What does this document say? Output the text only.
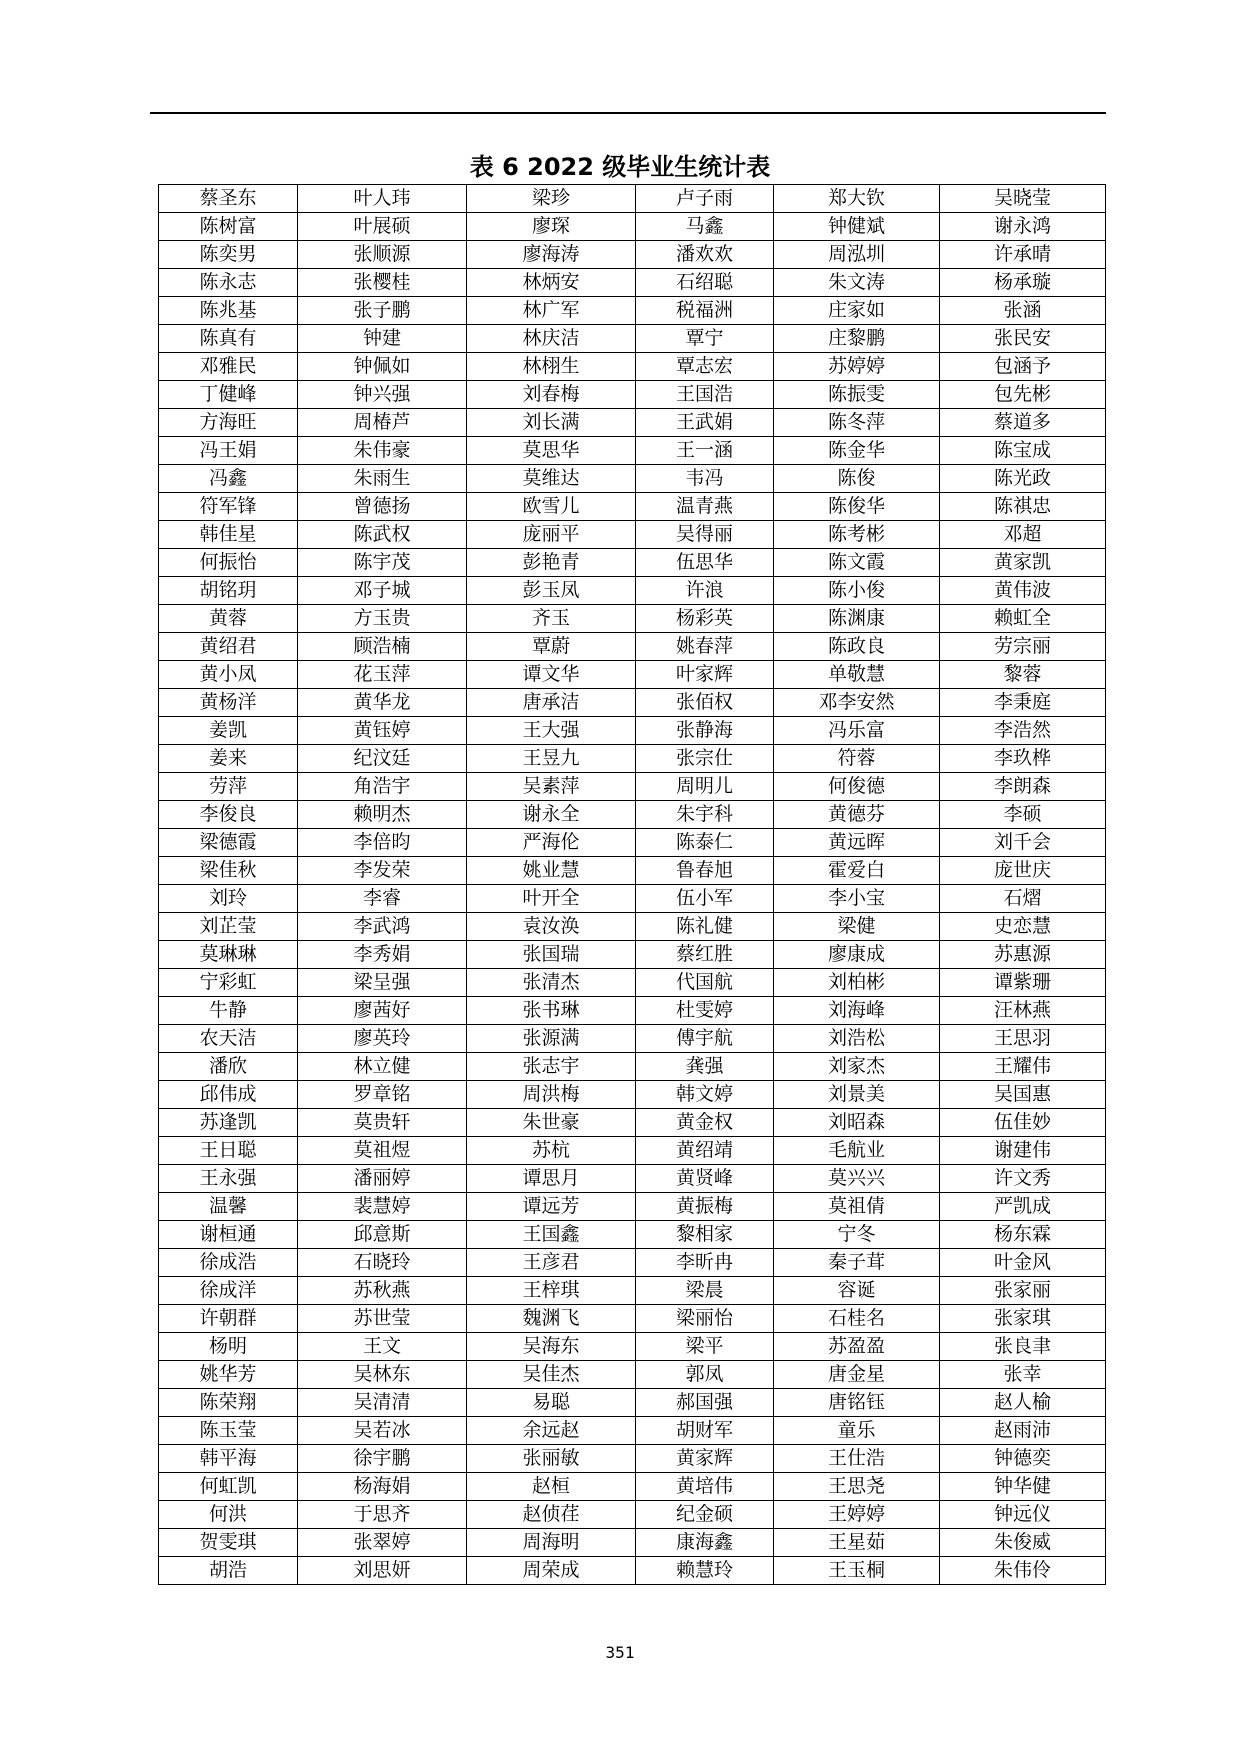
表 6 2022 级毕业生统计表
蔡圣东	叶人玮	梁珍	卢子雨	郑大钦	吴晓莹
陈树富	叶展硕	廖琛	马鑫	钟健斌	谢永鸿
陈奕男	张顺源	廖海涛	潘欢欢	周泓圳	许承晴
陈永志	张樱桂	林炳安	石绍聪	朱文涛	杨承璇
陈兆基	张子鹏	林广军	税福洲	庄家如	张涵
陈真有	钟建	林庆洁	覃宁	庄黎鹏	张民安
邓雅民	钟佩如	林栩生	覃志宏	苏婷婷	包涵予
丁健峰	钟兴强	刘春梅	王国浩	陈振雯	包先彬
方海旺	周椿芦	刘长满	王武娟	陈冬萍	蔡道多
冯王娟	朱伟豪	莫思华	王一涵	陈金华	陈宝成
冯鑫	朱雨生	莫维达	韦冯	陈俊	陈光政
符军锋	曾德扬	欧雪儿	温青燕	陈俊华	陈祺忠
韩佳星	陈武权	庞丽平	吴得丽	陈考彬	邓超
何振怡	陈宇茂	彭艳青	伍思华	陈文霞	黄家凯
胡铭玥	邓子城	彭玉凤	许浪	陈小俊	黄伟波
黄蓉	方玉贵	齐玉	杨彩英	陈渊康	赖虹全
黄绍君	顾浩楠	覃蔚	姚春萍	陈政良	劳宗丽
黄小凤	花玉萍	谭文华	叶家辉	单敬慧	黎蓉
黄杨洋	黄华龙	唐承洁	张佰权	邓李安然	李秉庭
姜凯	黄钰婷	王大强	张静海	冯乐富	李浩然
姜来	纪汶廷	王昱九	张宗仕	符蓉	李玖桦
劳萍	角浩宇	吴素萍	周明儿	何俊德	李朗森
李俊良	赖明杰	谢永全	朱宇科	黄德芬	李硕
梁德霞	李倍昀	严海伦	陈泰仁	黄远晖	刘千会
梁佳秋	李发荣	姚业慧	鲁春旭	霍爱白	庞世庆
刘玲	李睿	叶开全	伍小军	李小宝	石熠
刘芷莹	李武鸿	袁汝涣	陈礼健	梁健	史恋慧
莫琳琳	李秀娟	张国瑞	蔡红胜	廖康成	苏惠源
宁彩虹	梁呈强	张清杰	代国航	刘柏彬	谭紫珊
牛静	廖茜好	张书琳	杜雯婷	刘海峰	汪林燕
农天洁	廖英玲	张源满	傅宇航	刘浩松	王思羽
潘欣	林立健	张志宇	龚强	刘家杰	王耀伟
邱伟成	罗章铭	周洪梅	韩文婷	刘景美	吴国惠
苏逢凯	莫贵轩	朱世豪	黄金权	刘昭森	伍佳妙
王日聪	莫祖煜	苏杭	黄绍靖	毛航业	谢建伟
王永强	潘丽婷	谭思月	黄贤峰	莫兴兴	许文秀
温馨	裴慧婷	谭远芳	黄振梅	莫祖倩	严凯成
谢桓通	邱意斯	王国鑫	黎相家	宁冬	杨东霖
徐成浩	石晓玲	王彦君	李昕冉	秦子茸	叶金风
徐成洋	苏秋燕	王梓琪	梁晨	容诞	张家丽
许朝群	苏世莹	魏渊飞	梁丽怡	石桂名	张家琪
杨明	王文	吴海东	梁平	苏盈盈	张良聿
姚华芳	吴林东	吴佳杰	郭凤	唐金星	张幸
陈荣翔	吴清清	易聪	郝国强	唐铭钰	赵人榆
陈玉莹	吴若冰	余远赵	胡财军	童乐	赵雨沛
韩平海	徐宇鹏	张丽敏	黄家辉	王仕浩	钟德奕
何虹凯	杨海娟	赵桓	黄培伟	王思尧	钟华健
何洪	于思齐	赵侦荏	纪金硕	王婷婷	钟远仪
贺雯琪	张翠婷	周海明	康海鑫	王星茹	朱俊威
胡浩	刘思妍	周荣成	赖慧玲	王玉桐	朱伟伶
351
